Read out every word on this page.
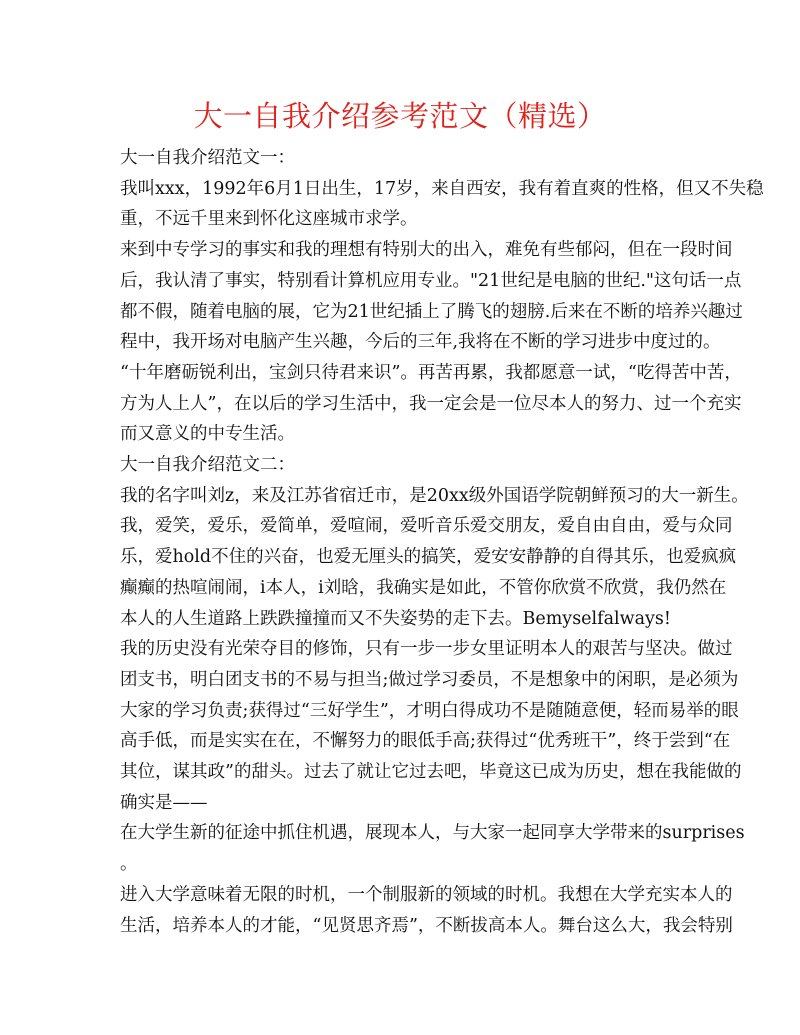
大一自我介绍参考范文（精选）
大一自我介绍范文一：
我叫xxx，1992年6月1日出生，17岁，来自西安，我有着直爽的性格，但又不失稳
重，不远千里来到怀化这座城市求学。
来到中专学习的事实和我的理想有特别大的出入，难免有些郁闷，但在一段时间
后，我认清了事实，特别看计算机应用专业。"21世纪是电脑的世纪."这句话一点
都不假，随着电脑的展，它为21世纪插上了腾飞的翅膀.后来在不断的培养兴趣过
程中，我开场对电脑产生兴趣，今后的三年,我将在不断的学习进步中度过的。
“十年磨砺锐利出，宝剑只待君来识”。再苦再累，我都愿意一试，“吃得苦中苦，
方为人上人”，在以后的学习生活中，我一定会是一位尽本人的努力、过一个充实
而又意义的中专生活。
大一自我介绍范文二：
我的名字叫刘z，来及江苏省宿迁市，是20xx级外国语学院朝鲜预习的大一新生。
我，爱笑，爱乐，爱简单，爱喧闹，爱听音乐爱交朋友，爱自由自由，爱与众同
乐，爱hold不住的兴奋，也爱无厘头的搞笑，爱安安静静的自得其乐，也爱疯疯
癫癫的热喧闹闹，i本人，i刘晗，我确实是如此，不管你欣赏不欣赏，我仍然在
本人的人生道路上跌跌撞撞而又不失姿势的走下去。Bemyselfalways!
我的历史没有光荣夺目的修饰，只有一步一步女里证明本人的艰苦与坚决。做过
团支书，明白团支书的不易与担当;做过学习委员，不是想象中的闲职，是必须为
大家的学习负责;获得过“三好学生”，才明白得成功不是随随意便，轻而易举的眼
高手低，而是实实在在，不懈努力的眼低手高;获得过“优秀班干”，终于尝到“在
其位，谋其政”的甜头。过去了就让它过去吧，毕竟这已成为历史，想在我能做的
确实是——
在大学生新的征途中抓住机遇，展现本人，与大家一起同享大学带来的surprises
。
进入大学意味着无限的时机，一个制服新的领域的时机。我想在大学充实本人的
生活，培养本人的才能，“见贤思齐焉”，不断拔高本人。舞台这么大，我会特别
